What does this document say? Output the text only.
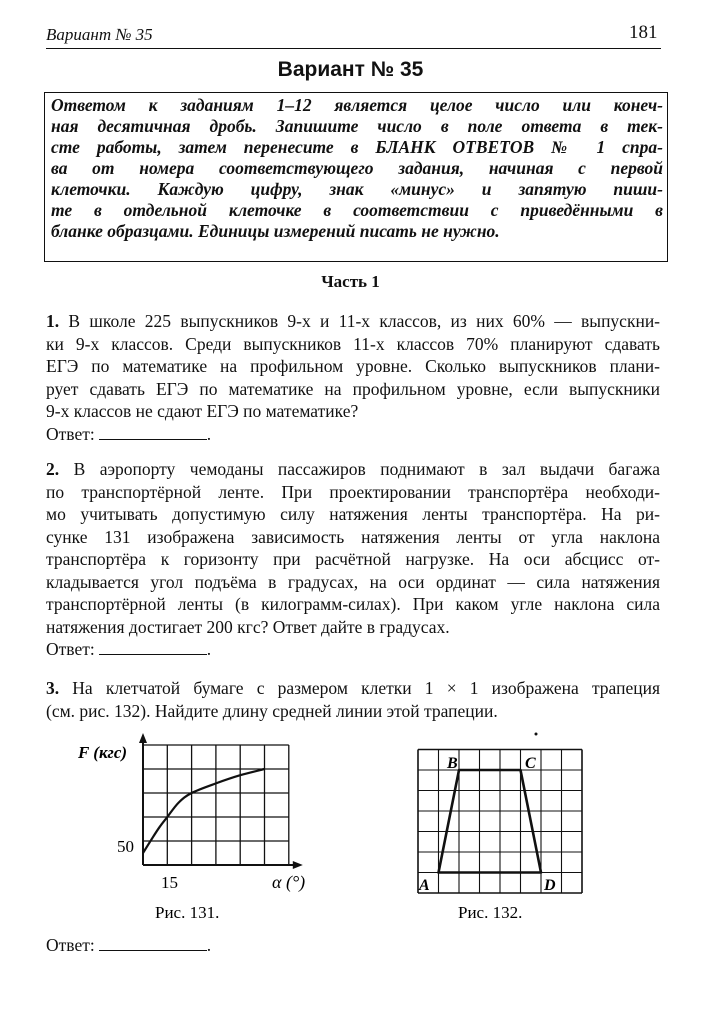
Вариант № 35	181
Вариант № 35

Ответом к заданиям 1–12 является целое число или конеч-

ная десятичная дробь. Запишите число в поле ответа в тек-

сте работы, затем перенесите в БЛАНК ОТВЕТОВ № 1 спра-

ва от номера соответствующего задания, начиная с первой

клеточки. Каждую цифру, знак «минус» и запятую пиши-

те в отдельной клеточке в соответствии с приведёнными в

бланке образцами. Единицы измерений писать не нужно.

Часть 1
1. В школе 225 выпускников 9-х и 11-х классов, из них 60% — выпускни-
ки 9-х классов. Среди выпускников 11-х классов 70% планируют сдавать
ЕГЭ по математике на профильном уровне. Сколько выпускников плани-
рует сдавать ЕГЭ по математике на профильном уровне, если выпускники
9-х классов не сдают ЕГЭ по математике?
Ответ:	.
2. В аэропорту чемоданы пассажиров поднимают в зал выдачи багажа
по транспортёрной ленте. При проектировании транспортёра необходи-
мо учитывать допустимую силу натяжения ленты транспортёра. На ри-
сунке 131 изображена зависимость натяжения ленты от угла наклона
транспортёра к горизонту при расчётной нагрузке. На оси абсцисс от-
кладывается угол подъёма в градусах, на оси ординат — сила натяжения
транспортёрной ленты (в килограмм-силах). При каком угле наклона сила
натяжения достигает 200 кгс? Ответ дайте в градусах.
Ответ:	.
3. На клетчатой бумаге с размером клетки 1 × 1 изображена трапеция
(см. рис. 132). Найдите длину средней линии этой трапеции.
F (кгс)
50
15	α (°)
Рис. 131.
B	C
A	D
Рис. 132.
Ответ:	.
